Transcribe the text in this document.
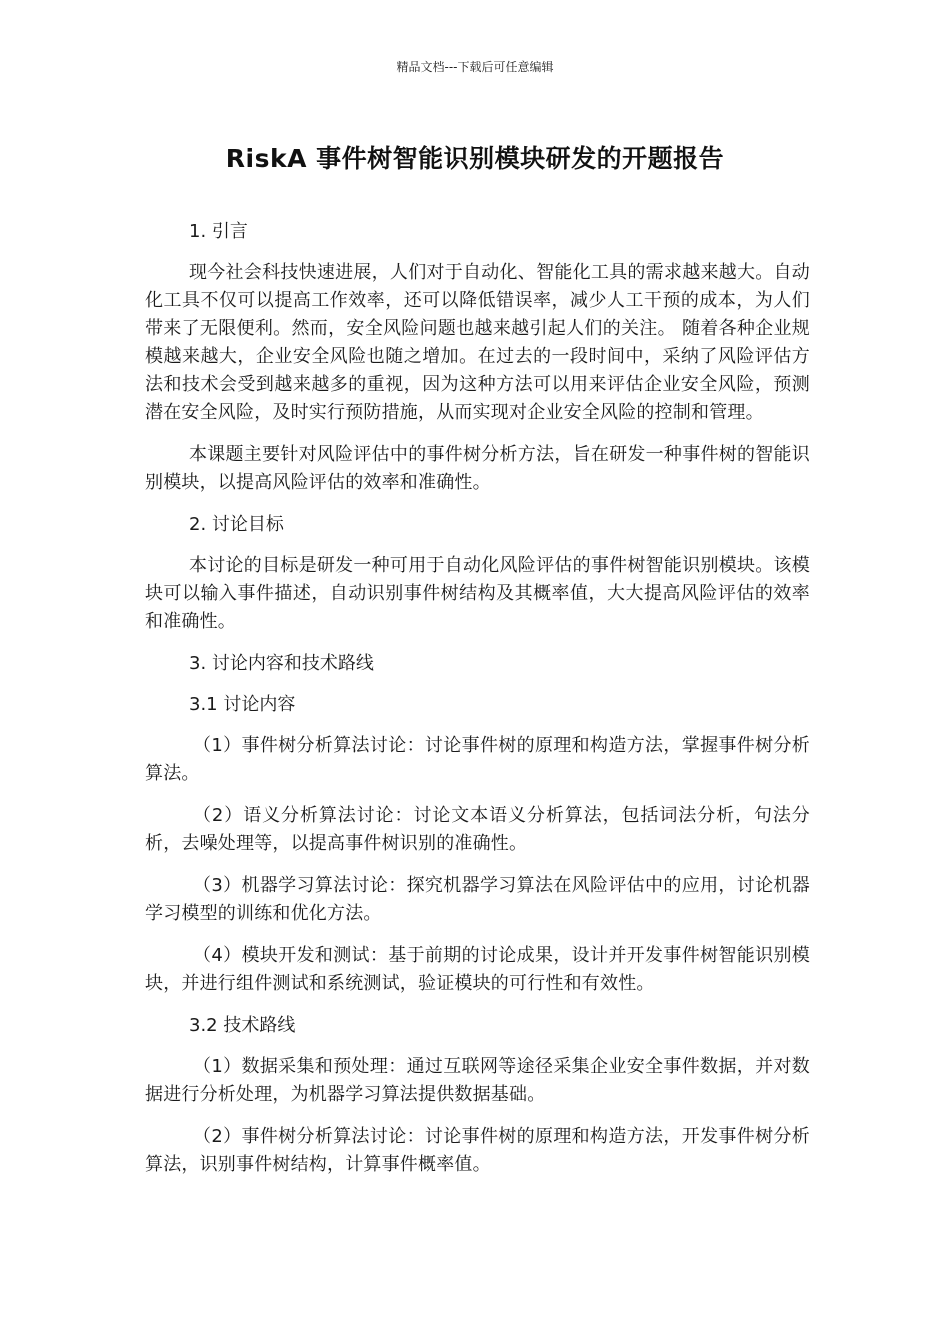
精品文档---下载后可任意编辑
RiskA 事件树智能识别模块研发的开题报告

1. 引言

现今社会科技快速进展，人们对于自动化、智能化工具的需求越来越大。自动化工具不仅可以提高工作效率，还可以降低错误率，减少人工干预的成本，为人们带来了无限便利。然而，安全风险问题也越来越引起人们的关注。 随着各种企业规模越来越大，企业安全风险也随之增加。在过去的一段时间中，采纳了风险评估方法和技术会受到越来越多的重视，因为这种方法可以用来评估企业安全风险，预测潜在安全风险，及时实行预防措施，从而实现对企业安全风险的控制和管理。

本课题主要针对风险评估中的事件树分析方法，旨在研发一种事件树的智能识别模块，以提高风险评估的效率和准确性。

2. 讨论目标

本讨论的目标是研发一种可用于自动化风险评估的事件树智能识别模块。该模块可以输入事件描述，自动识别事件树结构及其概率值，大大提高风险评估的效率和准确性。

3. 讨论内容和技术路线

3.1 讨论内容

（1）事件树分析算法讨论：讨论事件树的原理和构造方法，掌握事件树分析算法。

（2）语义分析算法讨论：讨论文本语义分析算法，包括词法分析，句法分析，去噪处理等，以提高事件树识别的准确性。

（3）机器学习算法讨论：探究机器学习算法在风险评估中的应用，讨论机器学习模型的训练和优化方法。

（4）模块开发和测试：基于前期的讨论成果，设计并开发事件树智能识别模块，并进行组件测试和系统测试，验证模块的可行性和有效性。

3.2 技术路线

（1）数据采集和预处理：通过互联网等途径采集企业安全事件数据，并对数据进行分析处理，为机器学习算法提供数据基础。

（2）事件树分析算法讨论：讨论事件树的原理和构造方法，开发事件树分析算法，识别事件树结构，计算事件概率值。
